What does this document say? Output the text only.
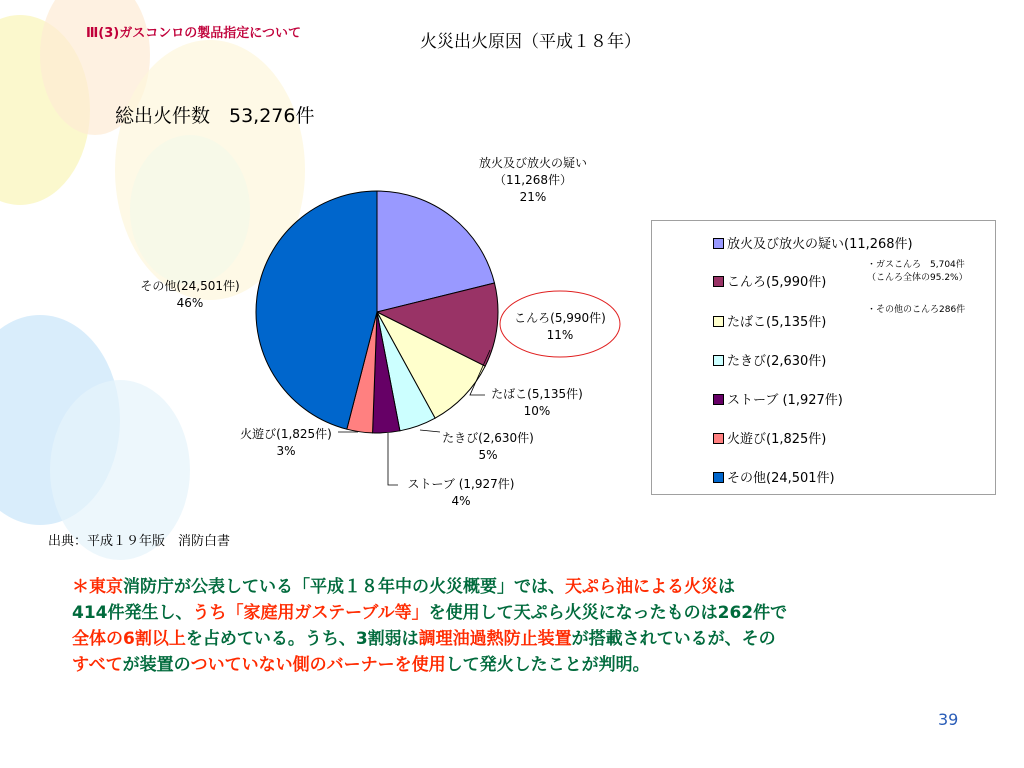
Ⅲ(3)ガスコンロの製品指定について	火災出火原因（平成１８年）
総出火件数　53,276件
放火及び放火の疑い
（11,268件）
21%
こんろ(5,990件)
11%
たばこ(5,135件)
10%
たきび(2,630件)
5%
ストーブ (1,927件)
4%
火遊び(1,825件)
3%
その他(24,501件)
46%
放火及び放火の疑い(11,268件)
こんろ(5,990件)
たばこ(5,135件)
たきび(2,630件)
ストーブ (1,927件)
火遊び(1,825件)
その他(24,501件)
・ガスこんろ　5,704件
（こんろ全体の95.2%）
・その他のこんろ286件
出典：平成１９年版　消防白書
＊東京消防庁が公表している「平成１８年中の火災概要」では、天ぷら油による火災は
414件発生し、うち「家庭用ガステーブル等」を使用して天ぷら火災になったものは262件で
全体の6割以上を占めている。うち、3割弱は調理油過熱防止装置が搭載されているが、その
すべてが装置のついていない側のバーナーを使用して発火したことが判明。
39
